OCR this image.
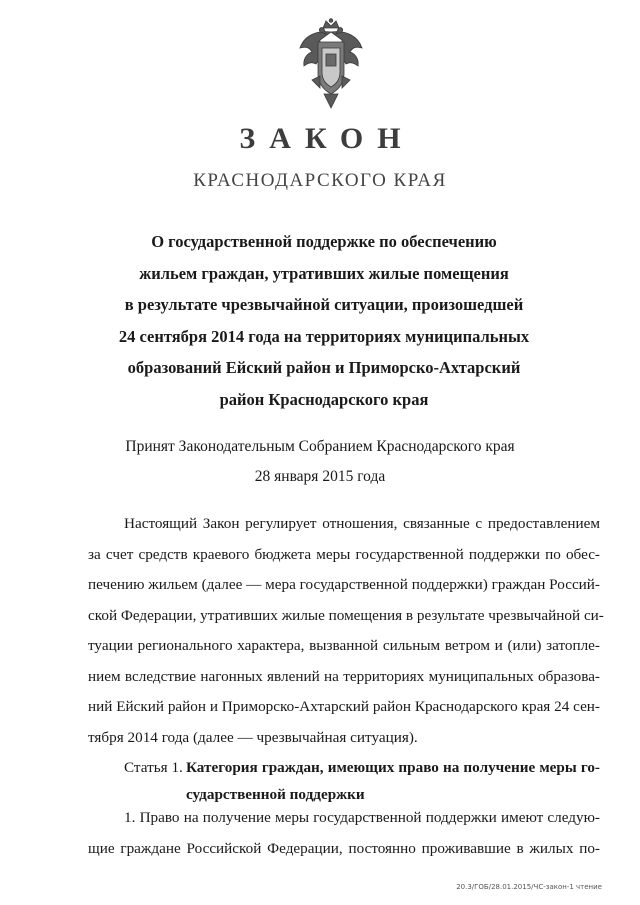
ЗАКОН
КРАСНОДАРСКОГО КРАЯ
О государственной поддержке по обеспечению
жильем граждан, утративших жилые помещения
в результате чрезвычайной ситуации, произошедшей
24 сентября 2014 года на территориях муниципальных
образований Ейский район и Приморско-Ахтарский
район Краснодарского края
Принят Законодательным Собранием Краснодарского края
28 января 2015 года
Настоящий Закон регулирует отношения, связанные с предоставлением
за счет средств краевого бюджета меры государственной поддержки по обес-
печению жильем (далее — мера государственной поддержки) граждан Россий-
ской Федерации, утративших жилые помещения в результате чрезвычайной си-
туации регионального характера, вызванной сильным ветром и (или) затопле-
нием вследствие нагонных явлений на территориях муниципальных образова-
ний Ейский район и Приморско-Ахтарский район Краснодарского края 24 сен-
тября 2014 года (далее — чрезвычайная ситуация).
Статья 1. Категория граждан, имеющих право на получение меры го-
сударственной поддержки
1. Право на получение меры государственной поддержки имеют следую-
щие граждане Российской Федерации, постоянно проживавшие в жилых по-
20.3/ГОБ/28.01.2015/ЧС-закон-1 чтение
